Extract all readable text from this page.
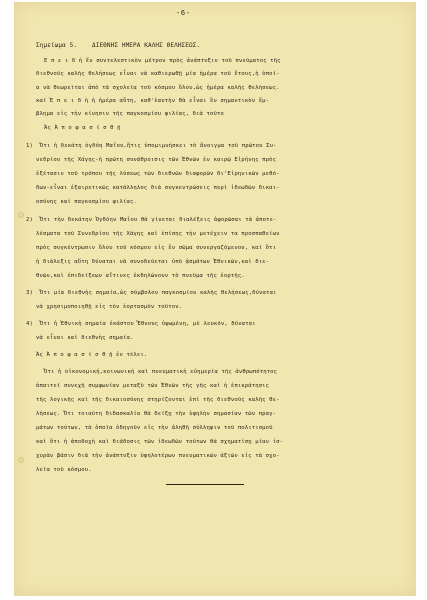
-6-
Σημείωμα 5.    ΔΙΕΘΝΗΣ ΗΜΕΡΑ ΚΑΛΗΣ ΘΕΛΗΣΕΩΣ.
Ε π ε ι δ ή ἕν συντελεστικὸν μέτρον πρὸς ἀνάπτυξιν τοῦ πνεύματος τῆς
διεθνοῦς καλῆς θελήσεως εἶναι νὰ καθιερωθῇ μία ἡμέρα τοῦ ἔτους,ἡ ὁποί-
α νὰ θεωρεῖται ἀπὸ τὰ σχολεῖα τοῦ κόσμου ὅλου,ὡς ἡμέρα καλῆς θελήσεως.
καί Ἐ π ε ι δ ὴ ἡ ἡμέρα αὕτη, καθ'ἑαυτὴν θὰ εἶναι ἓν σημαντικὸν ἔμ-
βλημα εἰς τὴν κίνησιν τῆς παγκοσμίου φιλίας, διὰ τοῦτο
Ἀς Ἀ π ο φ α σ ί σ θ ῇ
1)  Ὅτι ἡ δεκάτη ὀγδόη Μαΐου,ἥτις ὑπομιμνήσκει τὸ ἄνοιγμα τοῦ πρώτου Συ-
νεδρίου τῆς Χάγης-ἡ πρώτη συνάθροισις τῶν Ἐθνῶν ἐν καιρῷ Εἰρήνης πρὸς
ἐξέτασιν τοῦ τρόπου τῆς λύσεως τῶν διεθνῶν διαφορῶν δι'Εἰρηνικῶν μεθό-
δων-εἶναι ἐξαιρετικῶς κατάλληλος διὰ συγκεντρώσεις περὶ ἰδεωδῶν δικαι-
οσύνης καὶ παγκοσμίου φιλίας.
2)  Ὅτι τὴν δεκάτην Ὀγδόην Μαΐου θὰ γίνεται διαλέξεις ἀφορῶσαι τὰ ἀποτε-
λέσματα τοῦ Συνεδρίου τῆς Χάγης καὶ ἐπίσης τὴν μετέχειν τα προσπαθείων
πρὸς συγκέντρωσιν ὅλου τοῦ κόσμου εἰς ἓν σῶμα συνεργαζόμενον, καὶ ὅτι
ἡ διάλεξις αὕτη δύναται νὰ συνοδεύεται ὑπὸ ᾀσμάτων Ἐθνικῶν,καὶ διε-
θνῶν,καὶ ἐπιδείξεων αἵτινες ἐκδηλώνουν τὸ πνεῦμα τῆς ἑορτῆς.
3)  Ὅτι μία διεθνὴς σημαία,ὡς σύμβολον παγκοσμίου καλῆς θελήσεως,δύναται
νὰ χρησιμοποιηθῇ εἰς τὸν ἑορτασμὸν τοῦτον.
4)  Ὅτι ἡ Ἐθνικὴ σημαία ἑκάστου Ἔθνους ὑψωμένη, μὲ λευκόν, δύναται
νὰ εἶναι καὶ διεθνὴς σημαία.
Ἀς Ἀ π ο φ α σ ί σ θ ῇ ἐν τέλει.
Ὅτι ἡ οἰκονομική,κοινωνικὴ καὶ πνευματικὴ εὐημερία τῆς ἀνθρωπότητος
ἀπαιτεῖ συνεχῆ συμφωνίαν μεταξὺ τῶν Ἐθνῶν τῆς γῆς καὶ ἡ ἐπικράτησις
τῆς λογικῆς καὶ τῆς δικαιοσύνης στηρίζονται ἐπὶ τῆς διεθνοῦς καλῆς θε-
λήσεως. Ὅτι τοιαύτη διδασκαλία θὰ δείξῃ τὴν ὑψηλὴν σημασίαν τῶν πραγ-
μάτων τούτων, τὰ ὁποῖα ὁδηγοῦν εἰς τὴν ἀληθῆ σύλληψιν τοῦ πολιτισμοῦ
καὶ ὅτι ἡ ἀποδοχὴ καὶ διάδοσις τῶν ἰδεωδῶν τούτων θὰ σχηματίσῃ μίαν ἰσ-
χυρὰν βάσιν διὰ τὴν ἀνάπτυξιν ὑψηλοτέρων πνευματικῶν ἀξιῶν εἰς τὰ σχο-
λεῖα τοῦ κόσμου.
